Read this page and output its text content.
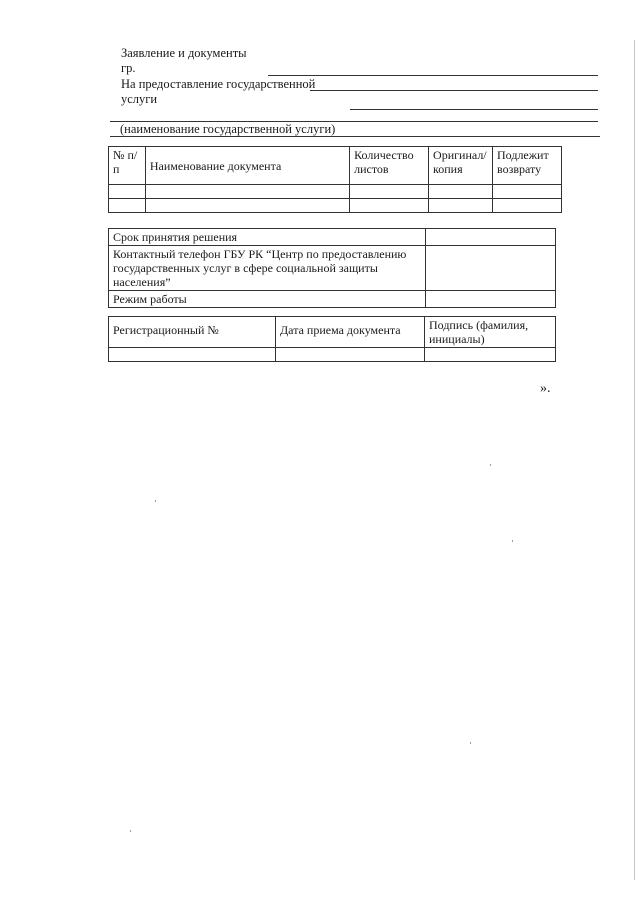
Заявление и документы
гр.
На предоставление государственной
услуги
(наименование государственной услуги)
№ п/п	Наименование документа	Количество листов	Оригинал/ копия	Подлежит возврату

Срок принятия решения	
Контактный телефон ГБУ РК “Центр по предоставлению государственных услуг в сфере социальной защиты населения”	
Режим работы	
Регистрационный №	Дата приема документа	Подпись (фамилия, инициалы)

».
